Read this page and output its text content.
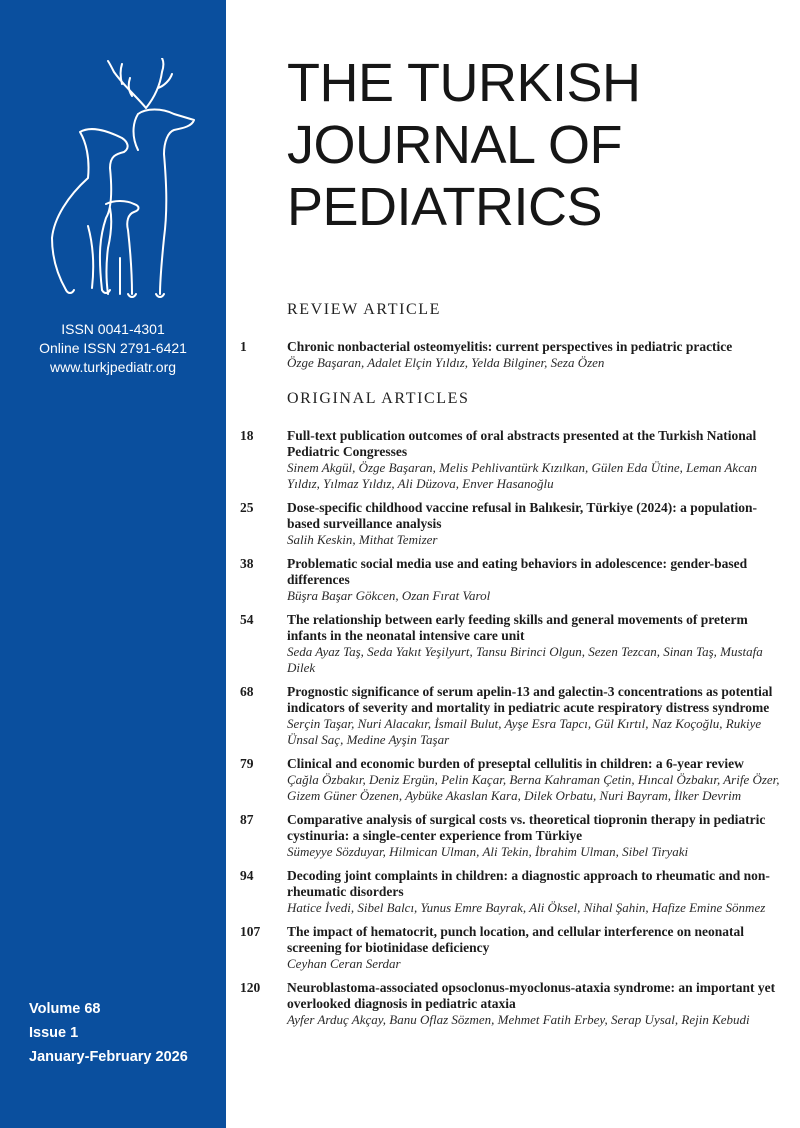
ISSN 0041-4301
Online ISSN 2791-6421
www.turkjpediatr.org
Volume 68
Issue 1
January-February 2026
THE TURKISH
JOURNAL OF
PEDIATRICS
REVIEW ARTICLE
1	Chronic nonbacterial osteomyelitis: current perspectives in pediatric practice
Özge Başaran, Adalet Elçin Yıldız, Yelda Bilginer, Seza Özen
ORIGINAL ARTICLES
18 Full-text publication outcomes of oral abstracts presented at the Turkish National Pediatric Congresses
Sinem Akgül, Özge Başaran, Melis Pehlivantürk Kızılkan, Gülen Eda Ütine, Leman Akcan Yıldız, Yılmaz Yıldız, Ali Düzova, Enver Hasanoğlu
25 Dose-specific childhood vaccine refusal in Balıkesir, Türkiye (2024): a population-based surveillance analysis
Salih Keskin, Mithat Temizer
38 Problematic social media use and eating behaviors in adolescence: gender-based differences
Büşra Başar Gökcen, Ozan Fırat Varol
54 The relationship between early feeding skills and general movements of preterm infants in the neonatal intensive care unit
Seda Ayaz Taş, Seda Yakıt Yeşilyurt, Tansu Birinci Olgun, Sezen Tezcan, Sinan Taş, Mustafa Dilek
68 Prognostic significance of serum apelin-13 and galectin-3 concentrations as potential indicators of severity and mortality in pediatric acute respiratory distress syndrome
Serçin Taşar, Nuri Alacakır, İsmail Bulut, Ayşe Esra Tapcı, Gül Kırtıl, Naz Koçoğlu, Rukiye Ünsal Saç, Medine Ayşin Taşar
79 Clinical and economic burden of preseptal cellulitis in children: a 6-year review
Çağla Özbakır, Deniz Ergün, Pelin Kaçar, Berna Kahraman Çetin, Hıncal Özbakır, Arife Özer, Gizem Güner Özenen, Aybüke Akaslan Kara, Dilek Orbatu, Nuri Bayram, İlker Devrim
87 Comparative analysis of surgical costs vs. theoretical tiopronin therapy in pediatric cystinuria: a single-center experience from Türkiye
Sümeyye Sözduyar, Hilmican Ulman, Ali Tekin, İbrahim Ulman, Sibel Tiryaki
94 Decoding joint complaints in children: a diagnostic approach to rheumatic and non-rheumatic disorders
Hatice İvedi, Sibel Balcı, Yunus Emre Bayrak, Ali Öksel, Nihal Şahin, Hafize Emine Sönmez
107 The impact of hematocrit, punch location, and cellular interference on neonatal screening for biotinidase deficiency
Ceyhan Ceran Serdar
120 Neuroblastoma-associated opsoclonus-myoclonus-ataxia syndrome: an important yet overlooked diagnosis in pediatric ataxia
Ayfer Arduç Akçay, Banu Oflaz Sözmen, Mehmet Fatih Erbey, Serap Uysal, Rejin Kebudi
